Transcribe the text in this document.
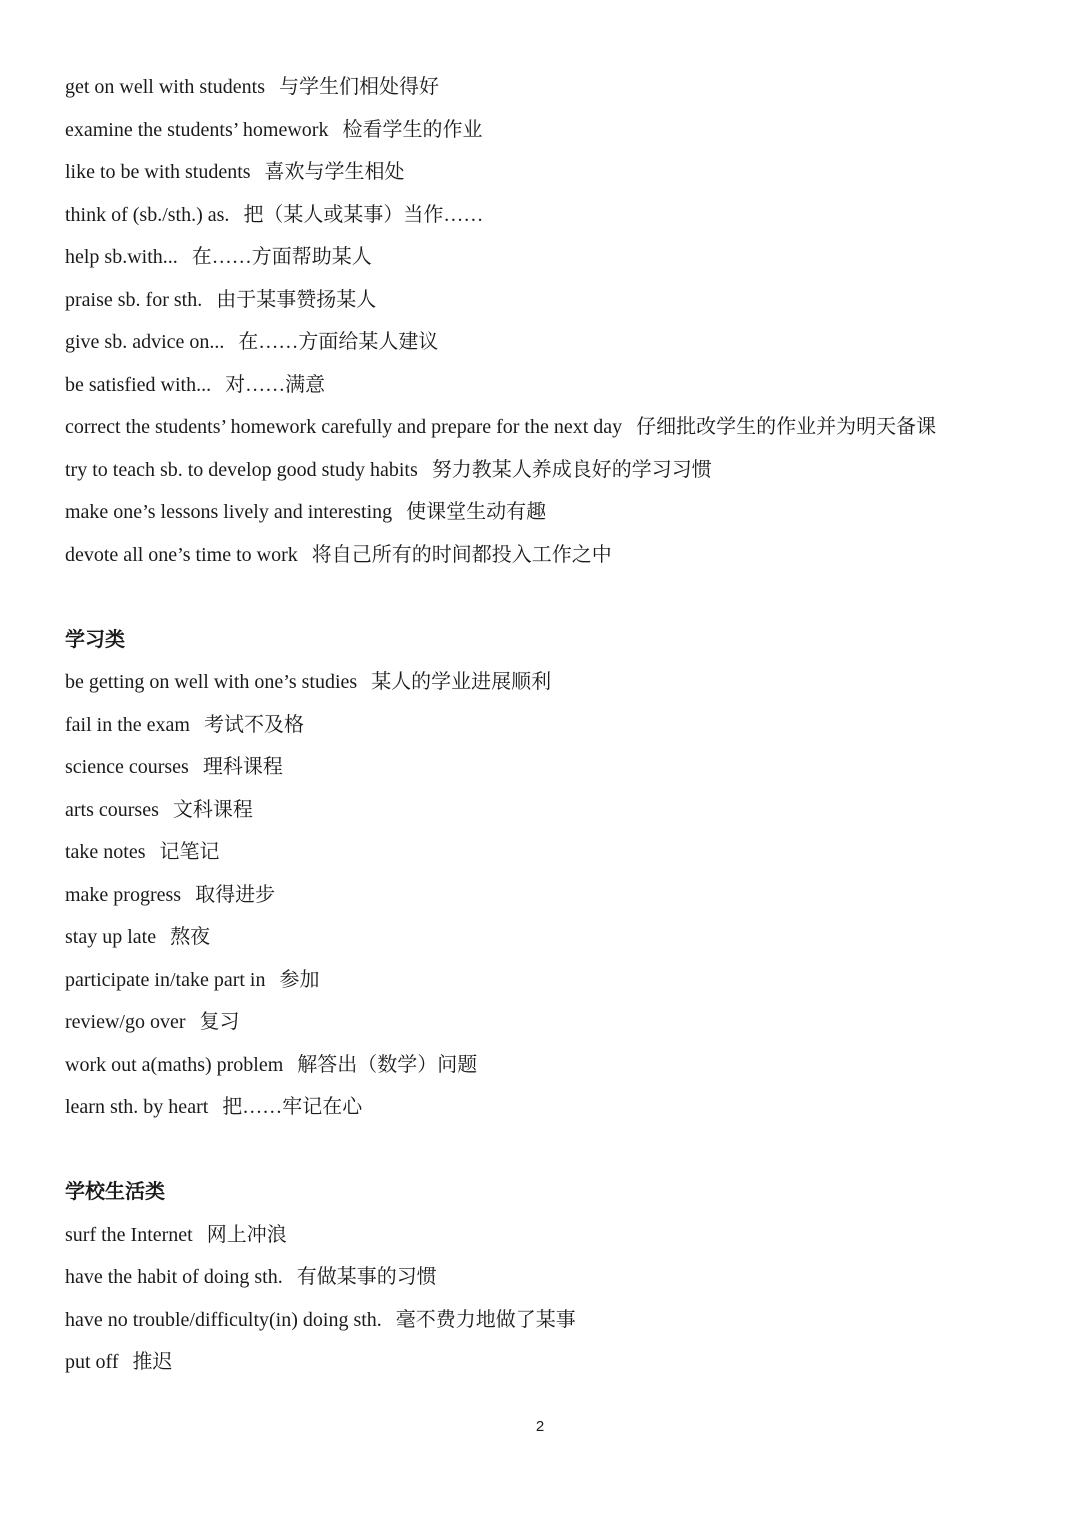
get on well with students 与学生们相处得好
examine the students’ homework 检看学生的作业
like to be with students 喜欢与学生相处
think of (sb./sth.) as. 把（某人或某事）当作……
help sb.with... 在……方面帮助某人
praise sb. for sth. 由于某事赞扬某人
give sb. advice on... 在……方面给某人建议
be satisfied with... 对……满意
correct the students’ homework carefully and prepare for the next day 仔细批改学生的作业并为明天备课
try to teach sb. to develop good study habits 努力教某人养成良好的学习习惯
make one’s lessons lively and interesting 使课堂生动有趣
devote all one’s time to work 将自己所有的时间都投入工作之中
学习类
be getting on well with one’s studies 某人的学业进展顺利
fail in the exam 考试不及格
science courses 理科课程
arts courses 文科课程
take notes 记笔记
make progress 取得进步
stay up late 熬夜
participate in/take part in 参加
review/go over 复习
work out a(maths) problem 解答出（数学）问题
learn sth. by heart 把……牢记在心
学校生活类
surf the Internet 网上冲浪
have the habit of doing sth. 有做某事的习惯
have no trouble/difficulty(in) doing sth. 毫不费力地做了某事
put off 推迟
2
